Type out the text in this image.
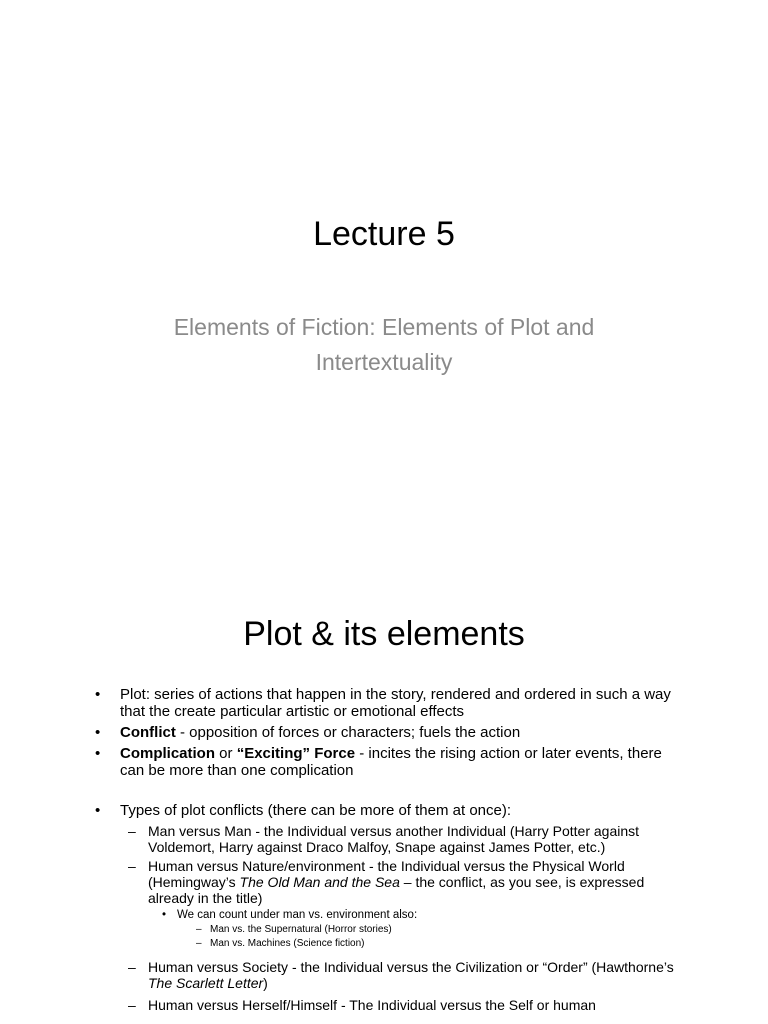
Lecture 5
Elements of Fiction: Elements of Plot and Intertextuality
Plot & its elements
• Plot: series of actions that happen in the story, rendered and ordered in such a way that the create particular artistic or emotional effects
• Conflict - opposition of forces or characters; fuels the action
• Complication or “Exciting” Force - incites the rising action or later events, there can be more than one complication
• Types of plot conflicts (there can be more of them at once):
– Man versus Man - the Individual versus another Individual (Harry Potter against Voldemort, Harry against Draco Malfoy, Snape against James Potter, etc.)
– Human versus Nature/environment - the Individual versus the Physical World (Hemingway’s The Old Man and the Sea – the conflict, as you see, is expressed already in the title)
• We can count under man vs. environment also:
– Man vs. the Supernatural (Horror stories)
– Man vs. Machines (Science fiction)
– Human versus Society - the Individual versus the Civilization or “Order” (Hawthorne’s The Scarlett Letter)
– Human versus Herself/Himself - The Individual versus the Self or human
